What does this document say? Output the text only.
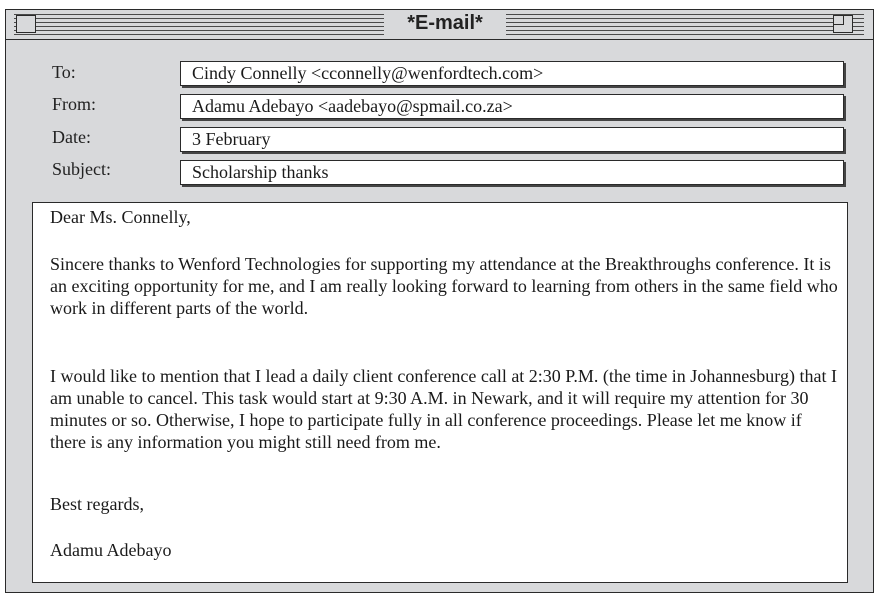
*E-mail*
To:	Cindy Connelly <cconnelly@wenfordtech.com>
From:	Adamu Adebayo <aadebayo@spmail.co.za>
Date:	3 February
Subject:	Scholarship thanks

Dear Ms. Connelly,

Sincere thanks to Wenford Technologies for supporting my attendance at the Breakthroughs conference. It is an exciting opportunity for me, and I am really looking forward to learning from others in the same field who work in different parts of the world.

I would like to mention that I lead a daily client conference call at 2:30 P.M. (the time in Johannesburg) that I am unable to cancel. This task would start at 9:30 A.M. in Newark, and it will require my attention for 30 minutes or so. Otherwise, I hope to participate fully in all conference proceedings. Please let me know if there is any information you might still need from me.

Best regards,

Adamu Adebayo
